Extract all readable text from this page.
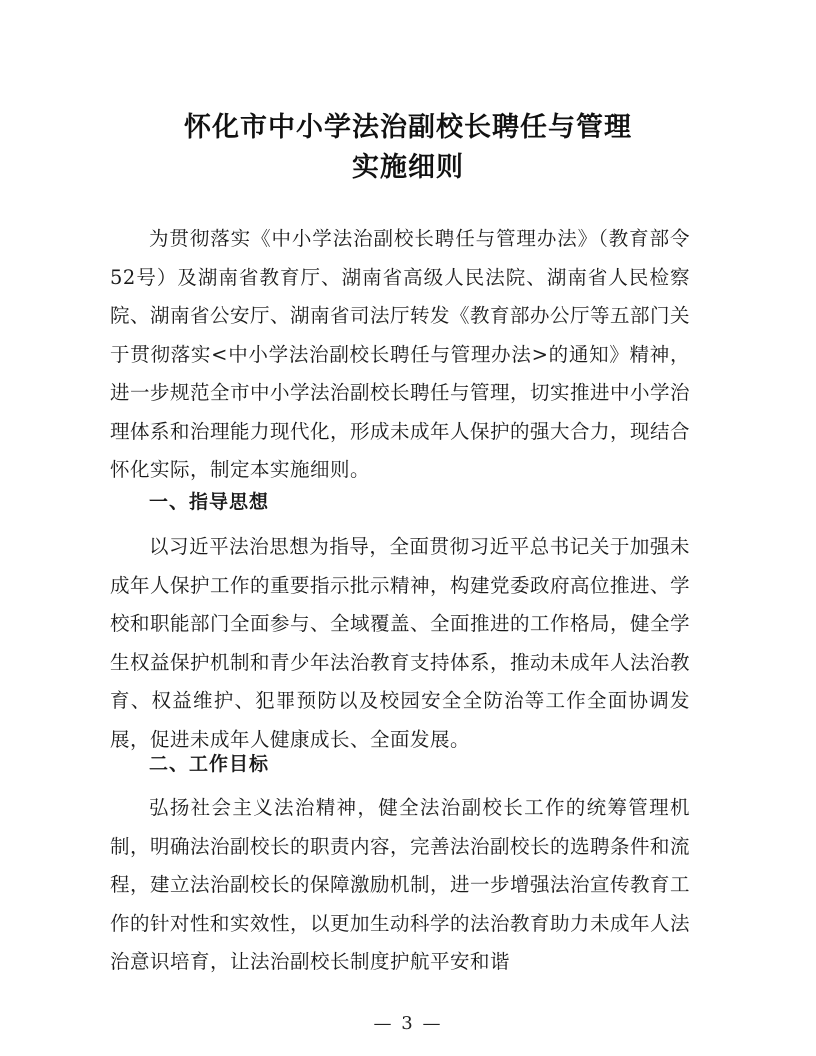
怀化市中小学法治副校长聘任与管理
实施细则
为贯彻落实《中小学法治副校长聘任与管理办法》（教育部令52号）及湖南省教育厅、湖南省高级人民法院、湖南省人民检察院、湖南省公安厅、湖南省司法厅转发《教育部办公厅等五部门关于贯彻落实<中小学法治副校长聘任与管理办法>的通知》精神，进一步规范全市中小学法治副校长聘任与管理，切实推进中小学治理体系和治理能力现代化，形成未成年人保护的强大合力，现结合怀化实际，制定本实施细则。
一、指导思想
以习近平法治思想为指导，全面贯彻习近平总书记关于加强未成年人保护工作的重要指示批示精神，构建党委政府高位推进、学校和职能部门全面参与、全域覆盖、全面推进的工作格局，健全学生权益保护机制和青少年法治教育支持体系，推动未成年人法治教育、权益维护、犯罪预防以及校园安全全防治等工作全面协调发展，促进未成年人健康成长、全面发展。
二、工作目标
弘扬社会主义法治精神，健全法治副校长工作的统筹管理机制，明确法治副校长的职责内容，完善法治副校长的选聘条件和流程，建立法治副校长的保障激励机制，进一步增强法治宣传教育工作的针对性和实效性，以更加生动科学的法治教育助力未成年人法治意识培育，让法治副校长制度护航平安和谐
— 3 —
